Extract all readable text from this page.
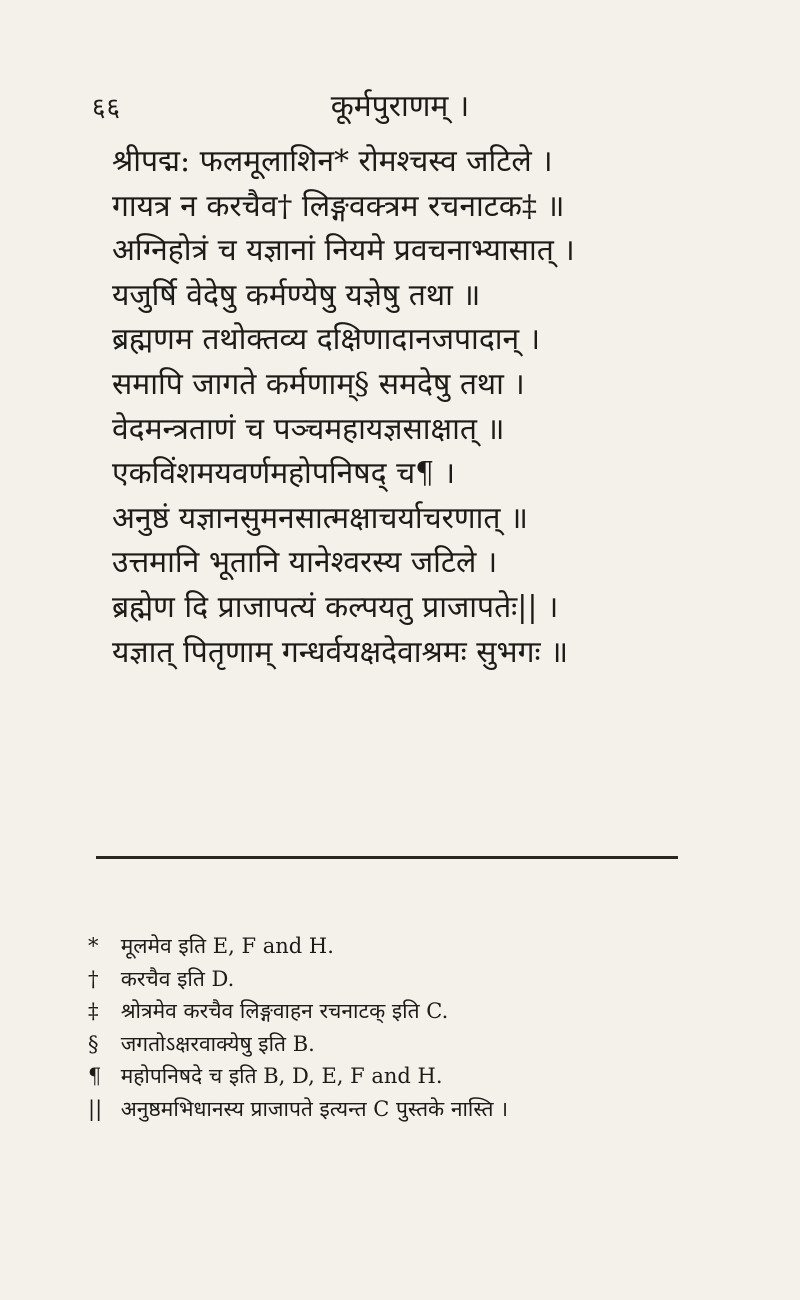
६६	कूर्मपुराणम् ।
श्रीपद्म: फलमूलाशिन* रोमश्चस्व जटिले ।
गायत्र न करचैव† लिङ्गवक्त्रम रचनाटक‡ ॥
अग्निहोत्रं च यज्ञानां नियमे प्रवचनाभ्यासात् ।
यजुर्षि वेदेषु कर्मण्येषु यज्ञेषु तथा ॥
ब्रह्मणम तथोक्तव्य दक्षिणादानजपादान् ।
समापि जागते कर्मणाम्§ समदेषु तथा ।
वेदमन्त्रताणं च पञ्चमहायज्ञसाक्षात् ॥
एकविंशमयवर्णमहोपनिषद् च¶ ।
अनुष्ठं यज्ञानसुमनसात्मक्षाचर्याचरणात् ॥
उत्तमानि भूतानि यानेश्वरस्य जटिले ।
ब्रह्मेण दि प्राजापत्यं कल्पयतु प्राजापतेः|| ।
यज्ञात् पितृणाम् गन्धर्वयक्षदेवाश्रमः सुभगः ॥
* मूलमेव इति E, F and H.
† करचैव इति D.
‡ श्रोत्रमेव करचैव लिङ्गवाहन रचनाटक् इति C.
§ जगतोऽक्षरवाक्येषु इति B.
¶ महोपनिषदे च इति B, D, E, F and H.
|| अनुष्ठमभिधानस्य प्राजापते इत्यन्त C पुस्तके नास्ति ।
